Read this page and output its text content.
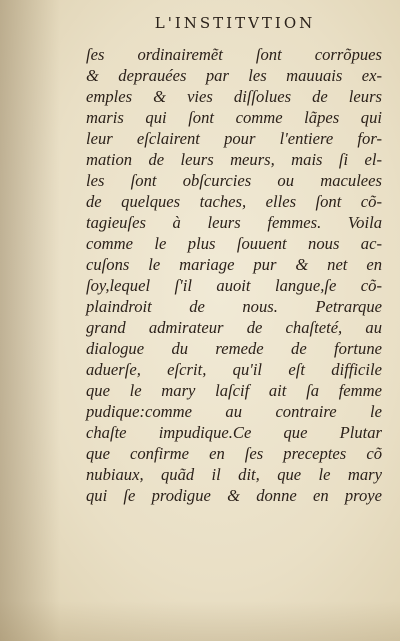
L'INSTITVTION
ſes ordinairemẽt ſont corrõpues
& deprauées par les mauuais ex-
emples & vies diſſolues de leurs
maris qui ſont comme lãpes qui
leur eſclairent pour l'entiere for-
mation de leurs meurs, mais ſi el-
les ſont obſcurcies ou maculees
de quelques taches, elles ſont cõ-
tagieuſes à leurs femmes. Voila
comme le plus ſouuent nous ac-
cuſons le mariage pur & net en
ſoy,lequel ſ'il auoit langue,ſe cõ-
plaindroit de nous. Petrarque
grand admirateur de chaſteté, au
dialogue du remede de fortune
aduerſe, eſcrit, qu'il eſt difficile
que le mary laſcif ait ſa femme
pudique:comme au contraire le
chaſte impudique.Ce que Plutar
que confirme en ſes preceptes cõ
nubiaux, quãd il dit, que le mary
qui ſe prodigue & donne en proye
